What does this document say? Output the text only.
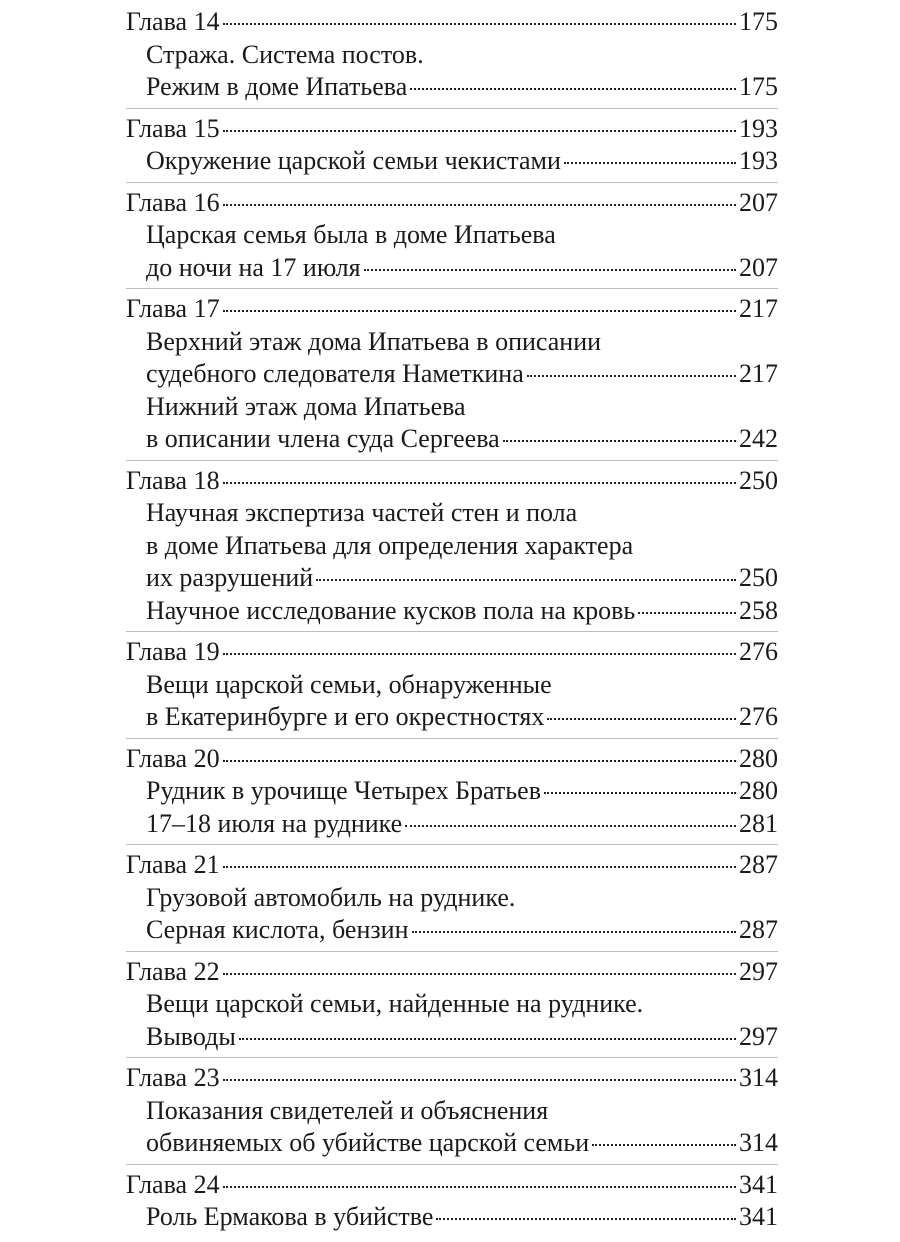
Глава 14	175
Стража. Система постов.
Режим в доме Ипатьева	175
Глава 15	193
Окружение царской семьи чекистами	193
Глава 16	207
Царская семья была в доме Ипатьева
до ночи на 17 июля	207
Глава 17	217
Верхний этаж дома Ипатьева в описании
судебного следователя Наметкина	217
Нижний этаж дома Ипатьева
в описании члена суда Сергеева	242
Глава 18	250
Научная экспертиза частей стен и пола
в доме Ипатьева для определения характера
их разрушений	250
Научное исследование кусков пола на кровь	258
Глава 19	276
Вещи царской семьи, обнаруженные
в Екатеринбурге и его окрестностях	276
Глава 20	280
Рудник в урочище Четырех Братьев	280
17–18 июля на руднике	281
Глава 21	287
Грузовой автомобиль на руднике.
Серная кислота, бензин	287
Глава 22	297
Вещи царской семьи, найденные на руднике.
Выводы	297
Глава 23	314
Показания свидетелей и объяснения
обвиняемых об убийстве царской семьи	314
Глава 24	341
Роль Ермакова в убийстве	341
